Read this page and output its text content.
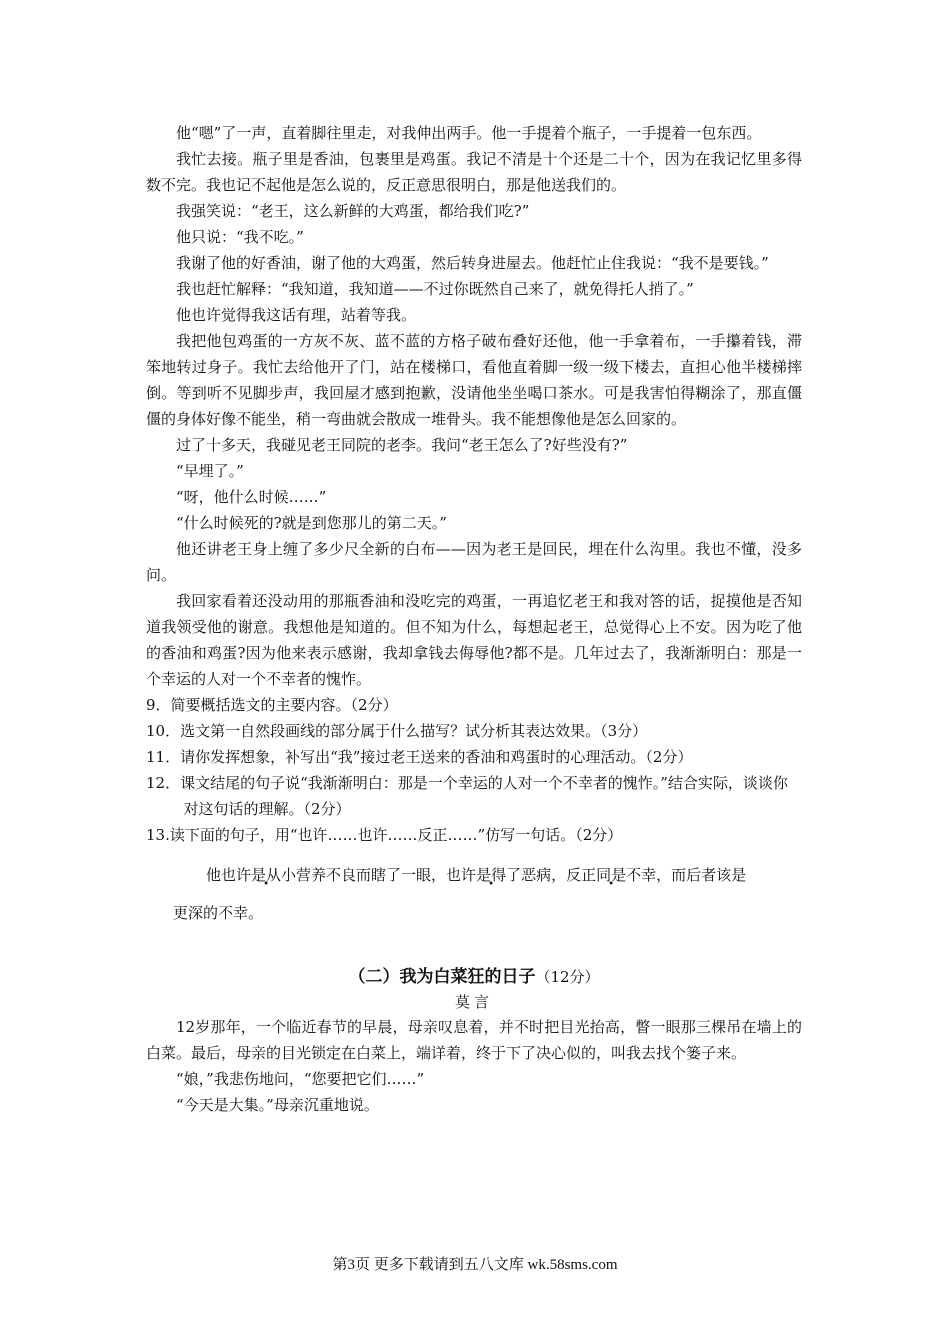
他“嗯”了一声，直着脚往里走，对我伸出两手。他一手提着个瓶子，一手提着一包东西。

我忙去接。瓶子里是香油，包裹里是鸡蛋。我记不清是十个还是二十个，因为在我记忆里多得数不完。我也记不起他是怎么说的，反正意思很明白，那是他送我们的。

我强笑说：“老王，这么新鲜的大鸡蛋，都给我们吃?”

他只说：“我不吃。”

我谢了他的好香油，谢了他的大鸡蛋，然后转身进屋去。他赶忙止住我说：“我不是要钱。”

我也赶忙解释：“我知道，我知道——不过你既然自己来了，就免得托人捎了。”

他也许觉得我这话有理，站着等我。

我把他包鸡蛋的一方灰不灰、蓝不蓝的方格子破布叠好还他，他一手拿着布，一手攥着钱，滞笨地转过身子。我忙去给他开了门，站在楼梯口，看他直着脚一级一级下楼去，直担心他半楼梯摔倒。等到听不见脚步声，我回屋才感到抱歉，没请他坐坐喝口茶水。可是我害怕得糊涂了，那直僵僵的身体好像不能坐，稍一弯曲就会散成一堆骨头。我不能想像他是怎么回家的。

过了十多天，我碰见老王同院的老李。我问“老王怎么了?好些没有?”

“早埋了。”

“呀，他什么时候……”

“什么时候死的?就是到您那儿的第二天。”

他还讲老王身上缠了多少尺全新的白布——因为老王是回民，埋在什么沟里。我也不懂，没多问。

我回家看着还没动用的那瓶香油和没吃完的鸡蛋，一再追忆老王和我对答的话，捉摸他是否知道我领受他的谢意。我想他是知道的。但不知为什么，每想起老王，总觉得心上不安。因为吃了他的香油和鸡蛋?因为他来表示感谢，我却拿钱去侮辱他?都不是。几年过去了，我渐渐明白：那是一个幸运的人对一个不幸者的愧怍。

9．简要概括选文的主要内容。（2分）

10．选文第一自然段画线的部分属于什么描写？试分析其表达效果。（3分）

11．请你发挥想象，补写出“我”接过老王送来的香油和鸡蛋时的心理活动。（2分）

12．课文结尾的句子说“我渐渐明白：那是一个幸运的人对一个不幸者的愧怍。”结合实际，谈谈你对这句话的理解。（2分）

13.读下面的句子，用“也许……也许……反正……”仿写一句话。（2分）

他也许是从小营养不良而瞎了一眼，也许是得了恶病，反正同是不幸，而后者该是

更深的不幸。

（二）我为白菜狂的日子（12分）

莫言

12岁那年，一个临近春节的早晨，母亲叹息着，并不时把目光抬高，瞥一眼那三棵吊在墙上的白菜。最后，母亲的目光锁定在白菜上，端详着，终于下了决心似的，叫我去找个篓子来。

“娘，”我悲伤地问，“您要把它们……”

“今天是大集。”母亲沉重地说。

第3页 更多下载请到五八文库 wk.58sms.com
